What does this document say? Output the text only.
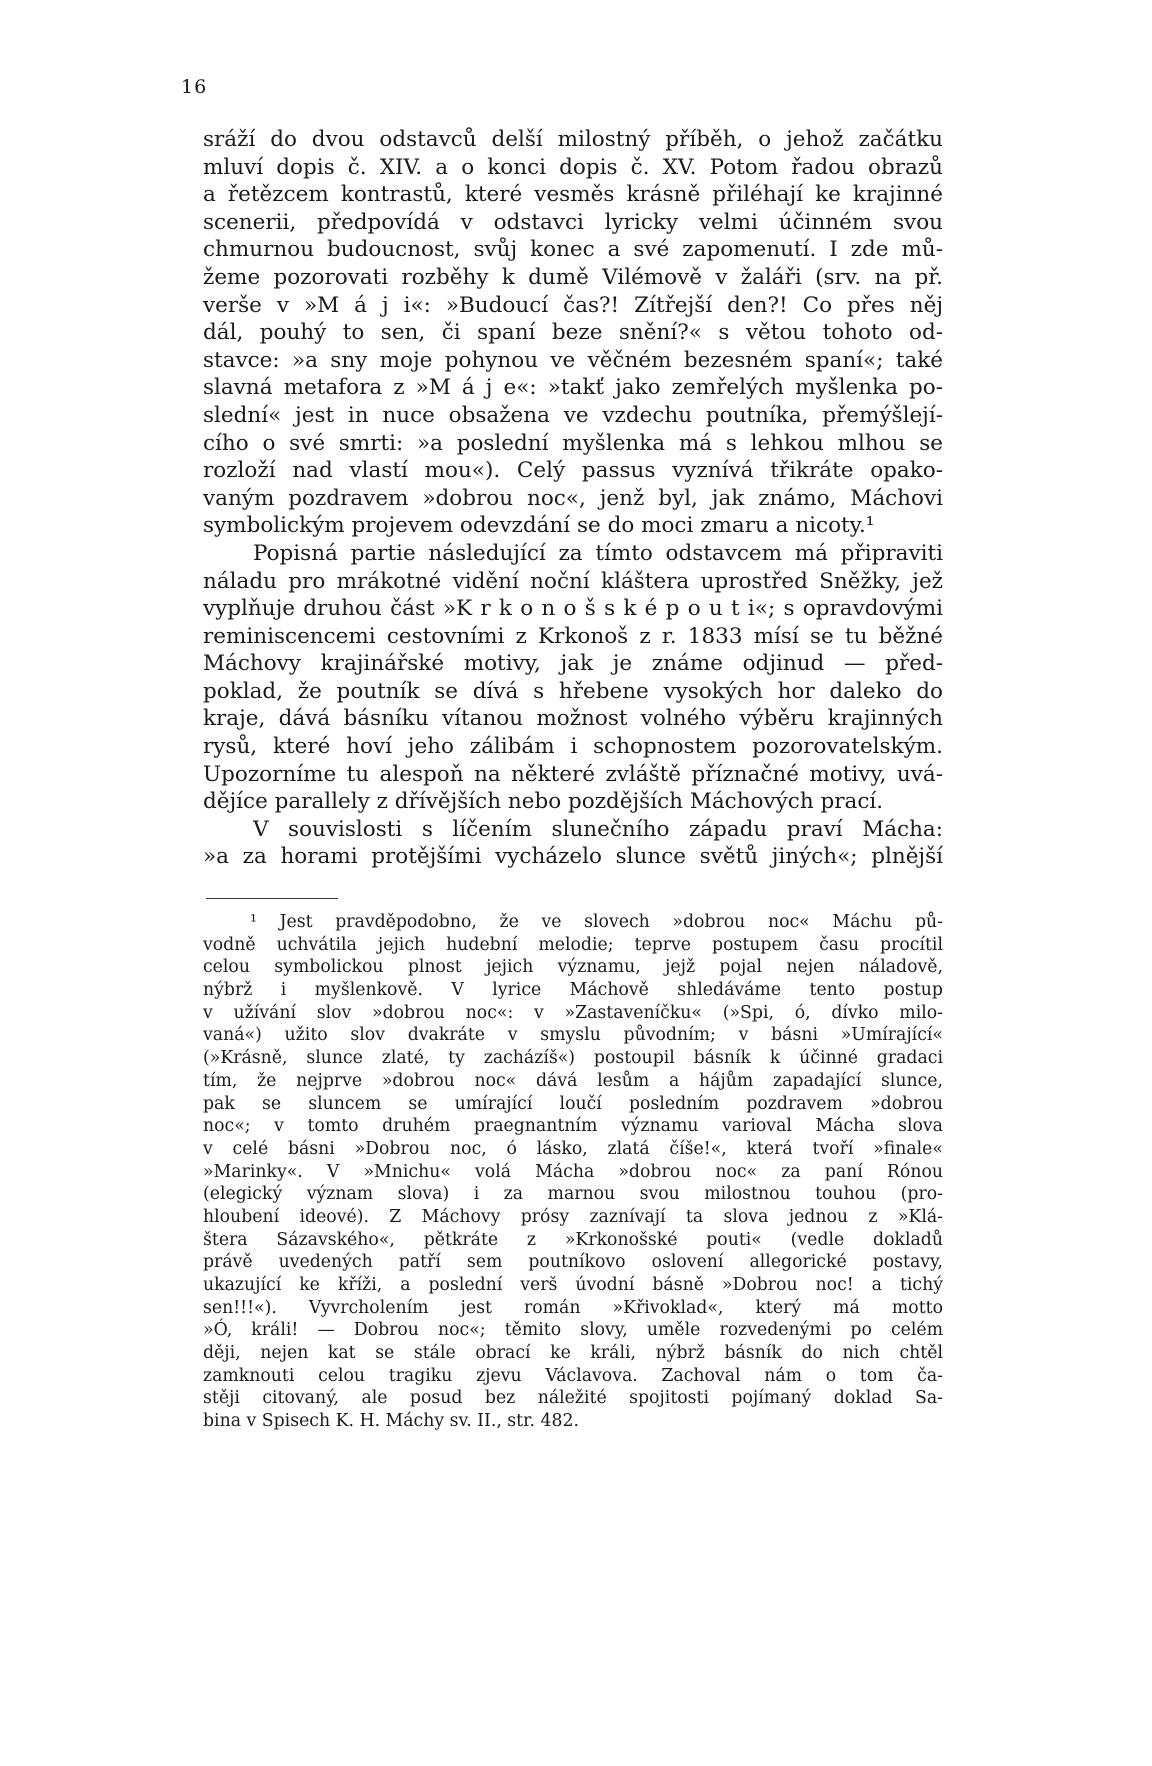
16
sráží do dvou odstavců delší milostný příběh, o jehož začátku
mluví dopis č. XIV. a o konci dopis č. XV. Potom řadou obrazů
a řetězcem kontrastů, které vesměs krásně přiléhají ke krajinné
scenerii, předpovídá v odstavci lyricky velmi účinném svou
chmurnou budoucnost, svůj konec a své zapomenutí. I zde mů-
žeme pozorovati rozběhy k dumě Vilémově v žaláři (srv. na př.
verše v »M á j i«: »Budoucí čas?! Zítřejší den?! Co přes něj
dál, pouhý to sen, či spaní beze snění?« s větou tohoto od-
stavce: »a sny moje pohynou ve věčném bezesném spaní«; také
slavná metafora z »M á j e«: »takť jako zemřelých myšlenka po-
slední« jest in nuce obsažena ve vzdechu poutníka, přemýšlejí-
cího o své smrti: »a poslední myšlenka má s lehkou mlhou se
rozloží nad vlastí mou«). Celý passus vyznívá třikráte opako-
vaným pozdravem »dobrou noc«, jenž byl, jak známo, Máchovi
symbolickým projevem odevzdání se do moci zmaru a nicoty.¹
Popisná partie následující za tímto odstavcem má připraviti
náladu pro mrákotné vidění noční kláštera uprostřed Sněžky, jež
vyplňuje druhou část »K r k o n o š s k é p o u t i«; s opravdovými
reminiscencemi cestovními z Krkonoš z r. 1833 mísí se tu běžné
Máchovy krajinářské motivy, jak je známe odjinud — před-
poklad, že poutník se dívá s hřebene vysokých hor daleko do
kraje, dává básníku vítanou možnost volného výběru krajinných
rysů, které hoví jeho zálibám i schopnostem pozorovatelským.
Upozorníme tu alespoň na některé zvláště příznačné motivy, uvá-
dějíce parallely z dřívějších nebo pozdějších Máchových prací.
V souvislosti s líčením slunečního západu praví Mácha:
»a za horami protějšími vycházelo slunce světů jiných«; plnější
¹ Jest pravděpodobno, že ve slovech »dobrou noc« Máchu pů-
vodně uchvátila jejich hudební melodie; teprve postupem času procítil
celou symbolickou plnost jejich významu, jejž pojal nejen náladově,
nýbrž i myšlenkově. V lyrice Máchově shledáváme tento postup
v užívání slov »dobrou noc«: v »Zastaveníčku« (»Spi, ó, dívko milo-
vaná«) užito slov dvakráte v smyslu původním; v básni »Umírající«
(»Krásně, slunce zlaté, ty zacházíš«) postoupil básník k účinné gradaci
tím, že nejprve »dobrou noc« dává lesům a hájům zapadající slunce,
pak se sluncem se umírající loučí posledním pozdravem »dobrou
noc«; v tomto druhém praegnantním významu varioval Mácha slova
v celé básni »Dobrou noc, ó lásko, zlatá číše!«, která tvoří »finale«
»Marinky«. V »Mnichu« volá Mácha »dobrou noc« za paní Rónou
(elegický význam slova) i za marnou svou milostnou touhou (pro-
hloubení ideové). Z Máchovy prósy zaznívají ta slova jednou z »Klá-
štera Sázavského«, pětkráte z »Krkonošské pouti« (vedle dokladů
právě uvedených patří sem poutníkovo oslovení allegorické postavy,
ukazující ke kříži, a poslední verš úvodní básně »Dobrou noc! a tichý
sen!!!«). Vyvrcholením jest román »Křivoklad«, který má motto
»Ó, králi! — Dobrou noc«; těmito slovy, uměle rozvedenými po celém
ději, nejen kat se stále obrací ke králi, nýbrž básník do nich chtěl
zamknouti celou tragiku zjevu Václavova. Zachoval nám o tom ča-
stěji citovaný, ale posud bez náležité spojitosti pojímaný doklad Sa-
bina v Spisech K. H. Máchy sv. II., str. 482.
